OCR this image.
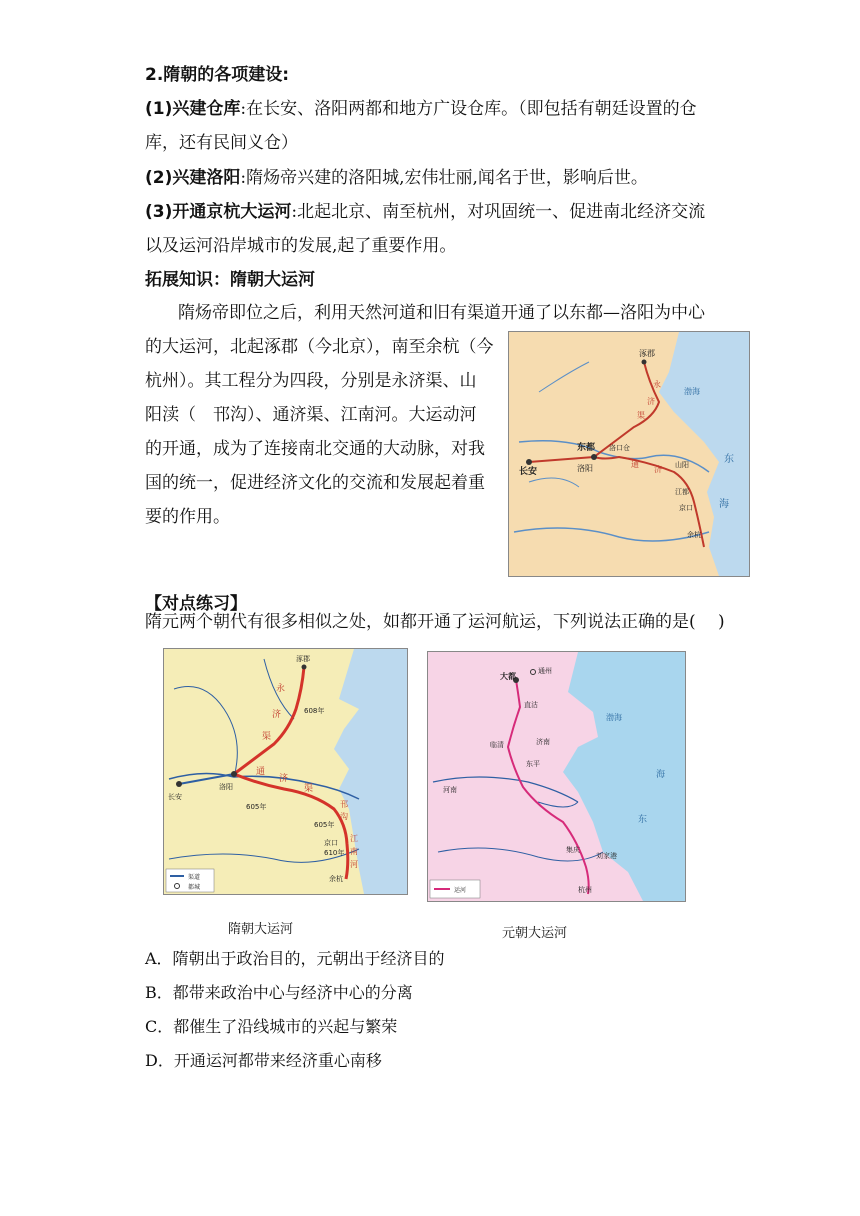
2.隋朝的各项建设:
(1)兴建仓库:在长安、洛阳两都和地方广设仓库。（即包括有朝廷设置的仓
库，还有民间义仓）
(2)兴建洛阳:隋炀帝兴建的洛阳城,宏伟壮丽,闻名于世，影响后世。
(3)开通京杭大运河:北起北京、南至杭州，对巩固统一、促进南北经济交流
以及运河沿岸城市的发展,起了重要作用。
拓展知识：隋朝大运河
隋炀帝即位之后，利用天然河道和旧有渠道开通了以东都—洛阳为中心
的大运河，北起涿郡（今北京），南至余杭（今
杭州）。其工程分为四段，分别是永济渠、山
阳渎（　邗沟）、通济渠、江南河。大运动河
的开通，成为了连接南北交通的大动脉，对我
国的统一，促进经济文化的交流和发展起着重
要的作用。
涿郡
渤海
东
海
长安
东都
洛阳
洛口仓
山阳
江都
京口
余杭
永
济
渠
通
济
【对点练习】
隋元两个朝代有很多相似之处，如都开通了运河航运，下列说法正确的是(　 )
涿郡
608年
605年
605年
610年
永
济
渠
通
济
渠
邗
沟
江
南
河
长安
洛阳
京口
余杭
渠道
都城
大都
通州
直沽
临清	济南
东平
河南
集庆
刘家港
杭州
渤海
海
东
运河
隋朝大运河	元朝大运河
A．隋朝出于政治目的，元朝出于经济目的
B．都带来政治中心与经济中心的分离
C．都催生了沿线城市的兴起与繁荣
D．开通运河都带来经济重心南移
